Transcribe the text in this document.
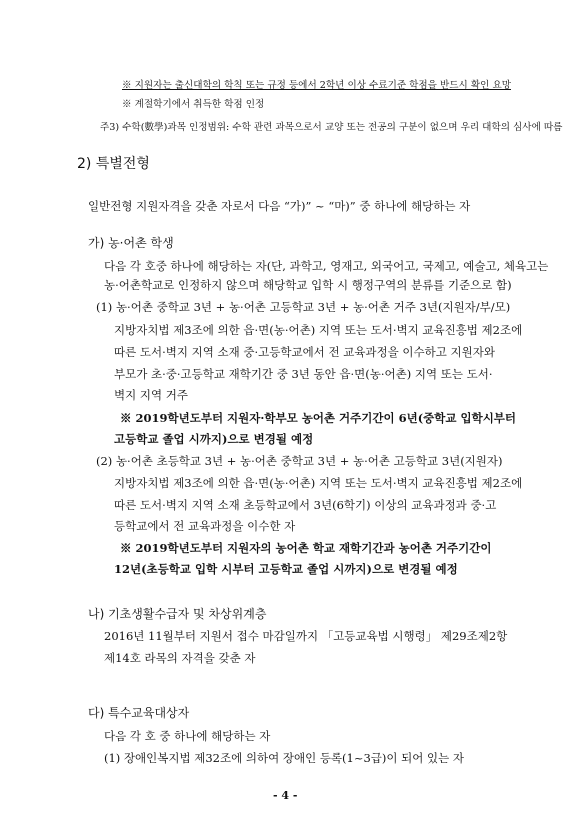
※ 지원자는 출신대학의 학칙 또는 규정 등에서 2학년 이상 수료기준 학점을 반드시 확인 요망
※ 계절학기에서 취득한 학점 인정
주3) 수학(數學)과목 인정범위: 수학 관련 과목으로서 교양 또는 전공의 구분이 없으며 우리 대학의 심사에 따름
2) 특별전형
일반전형 지원자격을 갖춘 자로서 다음 “가)” ~ “마)” 중 하나에 해당하는 자
가) 농·어촌 학생
다음 각 호중 하나에 해당하는 자(단, 과학고, 영재고, 외국어고, 국제고, 예술고, 체육고는
농·어촌학교로 인정하지 않으며 해당학교 입학 시 행정구역의 분류를 기준으로 함)
(1) 농·어촌 중학교 3년 + 농·어촌 고등학교 3년 + 농·어촌 거주 3년(지원자/부/모)
지방자치법 제3조에 의한 읍·면(농·어촌) 지역 또는 도서·벽지 교육진흥법 제2조에
따른 도서·벽지 지역 소재 중·고등학교에서 전 교육과정을 이수하고 지원자와
부모가 초·중·고등학교 재학기간 중 3년 동안 읍·면(농·어촌) 지역 또는 도서·
벽지 지역 거주
※ 2019학년도부터 지원자·학부모 농어촌 거주기간이 6년(중학교 입학시부터
고등학교 졸업 시까지)으로 변경될 예정
(2) 농·어촌 초등학교 3년 + 농·어촌 중학교 3년 + 농·어촌 고등학교 3년(지원자)
지방자치법 제3조에 의한 읍·면(농·어촌) 지역 또는 도서·벽지 교육진흥법 제2조에
따른 도서·벽지 지역 소재 초등학교에서 3년(6학기) 이상의 교육과정과 중·고
등학교에서 전 교육과정을 이수한 자
※ 2019학년도부터 지원자의 농어촌 학교 재학기간과 농어촌 거주기간이
12년(초등학교 입학 시부터 고등학교 졸업 시까지)으로 변경될 예정
나) 기초생활수급자 및 차상위계층
2016년 11월부터 지원서 접수 마감일까지 「고등교육법 시행령」 제29조제2항
제14호 라목의 자격을 갖춘 자
다) 특수교육대상자
다음 각 호 중 하나에 해당하는 자
(1) 장애인복지법 제32조에 의하여 장애인 등록(1~3급)이 되어 있는 자
- 4 -
